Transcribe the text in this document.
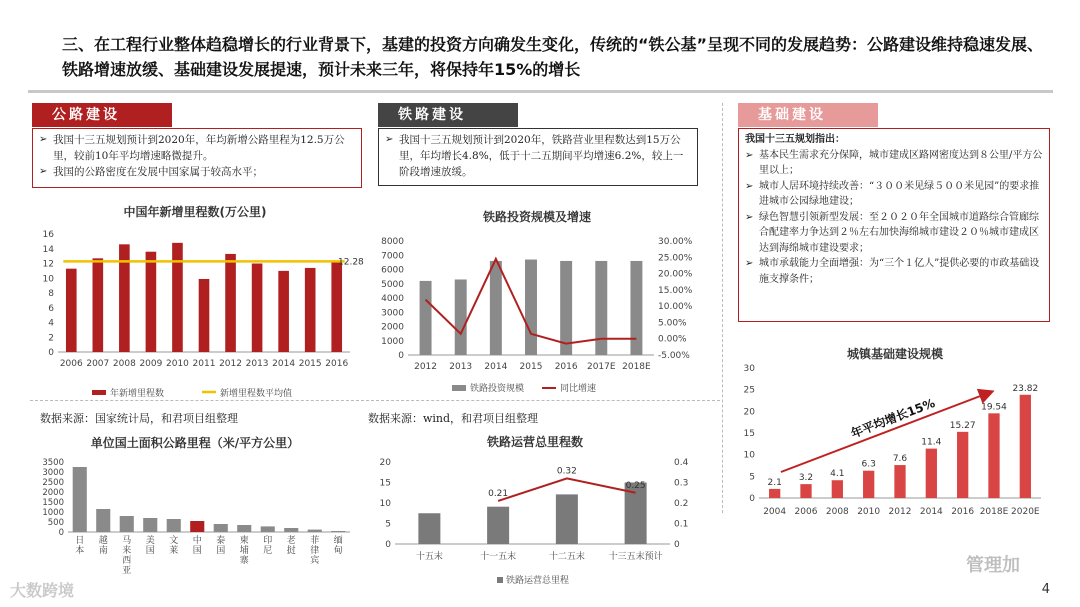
三、在工程行业整体趋稳增长的行业背景下，基建的投资方向确发生变化，传统的“铁公基”呈现不同的发展趋势：公路建设维持稳速发展、铁路增速放缓、基础建设发展提速，预计未来三年，将保持年15%的增长
公路建设
➢ 我国十三五规划预计到2020年，年均新增公路里程为12.5万公里，较前10年平均增速略微提升。
➢ 我国的公路密度在发展中国家属于较高水平；
铁路建设
➢ 我国十三五规划预计到2020年，铁路营业里程数达到15万公里，年均增长4.8%，低于十二五期间平均增速6.2%，较上一阶段增速放缓。
基础建设
我国十三五规划指出：
➢ 基本民生需求充分保障，城市建成区路网密度达到８公里/平方公里以上；
➢ 城市人居环境持续改善：“３００米见绿５００米见园”的要求推进城市公园绿地建设；
➢ 绿色智慧引领新型发展：至２０２０年全国城市道路综合管廊综合配建率力争达到２％左右加快海绵城市建设２０％城市建成区达到海绵城市建设要求；
➢ 城市承载能力全面增强：为“三个１亿人”提供必要的市政基础设施支撑条件；
中国年新增里程数(万公里)
0
2
4
6
8
10
12
14
16
2006 2007 2008 2009 2010 2011 2012 2013 2014 2015 2016
12.28
年新增里程数	新增里程数平均值
铁路投资规模及增速
0
1000
2000
3000
4000
5000
6000
7000
8000
-5.00%
0.00%
5.00%
10.00%
15.00%
20.00%
25.00%
30.00%
2012 2013 2014 2015 2016 2017E 2018E
铁路投资规模	同比增速
单位国土面积公路里程（米/平方公里）
0
500
1000
1500
2000
2500
3000
3500
日本
越南
马来西亚
美国
文莱
中国
泰国
柬埔寨
印尼
老挝
菲律宾
缅甸
铁路运营总里程数
0
5
10
15
20
0
0.1
0.2
0.3
0.4
十五末	十一五末	十二五末	十三五末预计
0.21
0.32
0.25
铁路运营总里程
城镇基础建设规模
0
5
10
15
20
25
30
2.1
2004
3.2
2006
4.1
2008
6.3
2010
7.6
2012
11.4
2014
15.27
2016
19.54
2018E
23.82
2020E
年平均增长15%
数据来源：国家统计局，和君项目组整理	数据来源：wind，和君项目组整理
大数跨境
管理加
4
